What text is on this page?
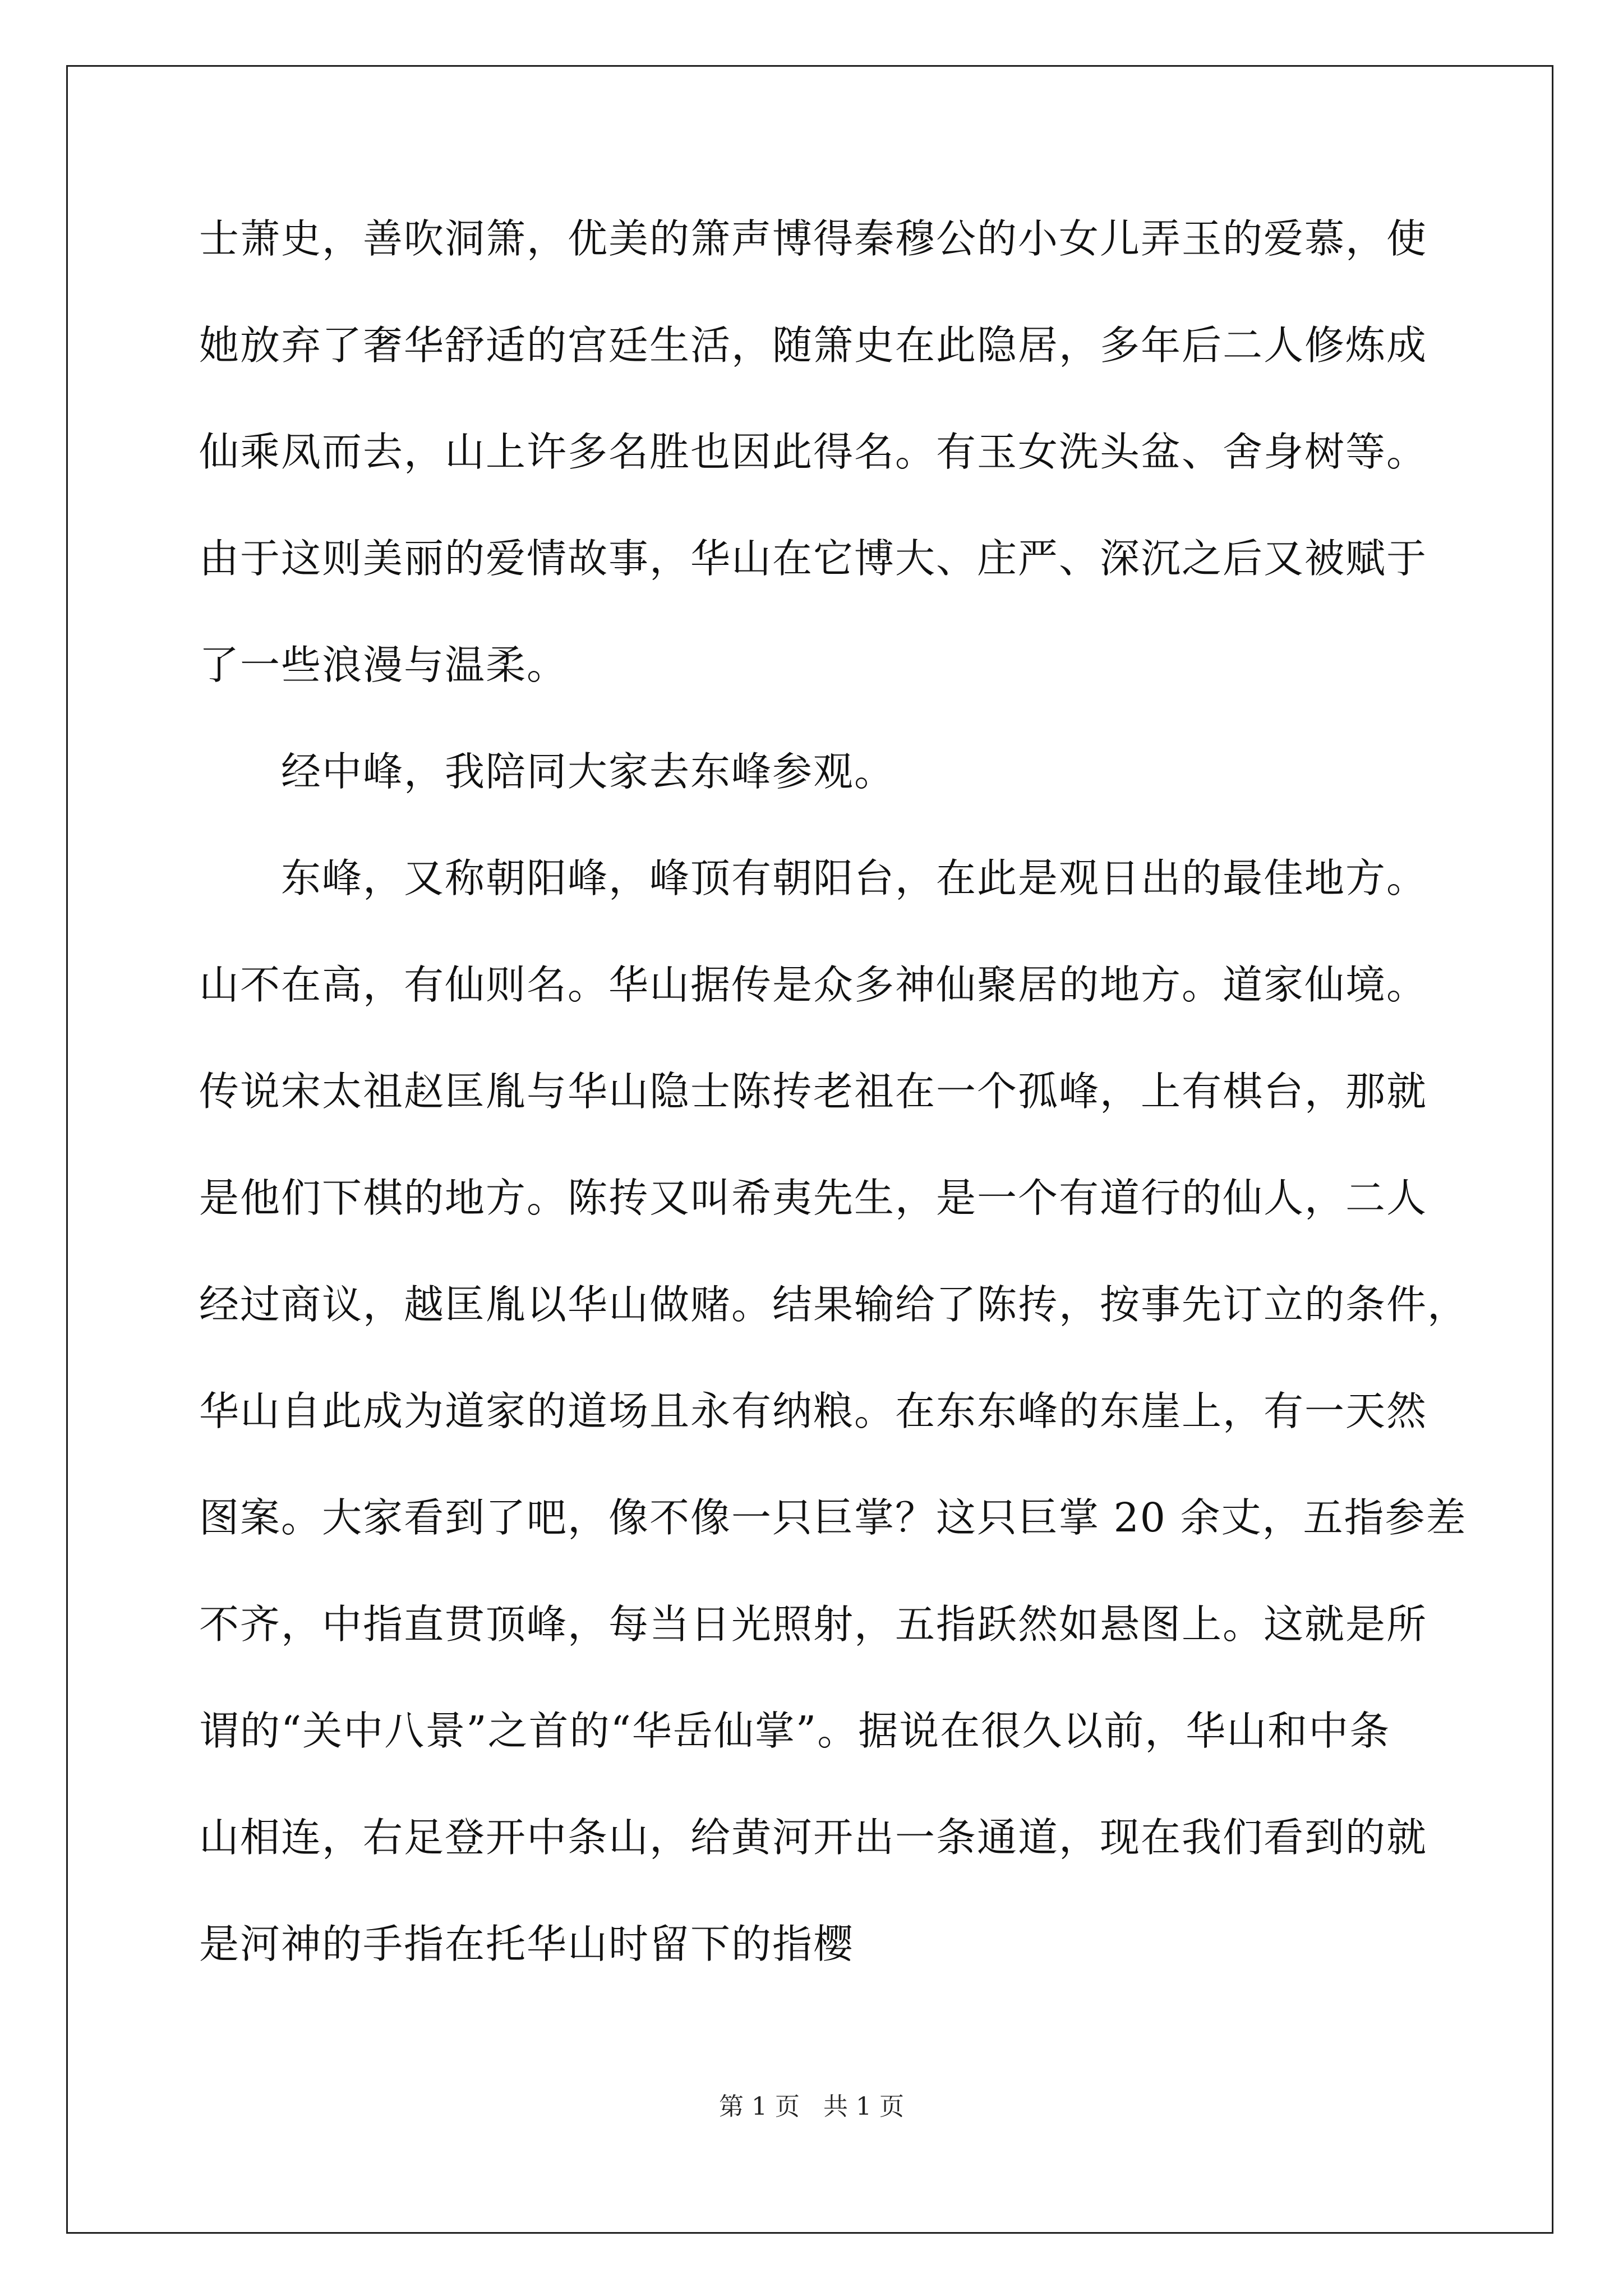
士萧史，善吹洞箫，优美的箫声博得秦穆公的小女儿弄玉的爱慕，使

她放弃了奢华舒适的宫廷生活，随箫史在此隐居，多年后二人修炼成

仙乘凤而去，山上许多名胜也因此得名。有玉女洗头盆、舍身树等。

由于这则美丽的爱情故事，华山在它博大、庄严、深沉之后又被赋于

了一些浪漫与温柔。

经中峰，我陪同大家去东峰参观。

东峰，又称朝阳峰，峰顶有朝阳台，在此是观日出的最佳地方。

山不在高，有仙则名。华山据传是众多神仙聚居的地方。道家仙境。

传说宋太祖赵匡胤与华山隐士陈抟老祖在一个孤峰，上有棋台，那就

是他们下棋的地方。陈抟又叫希夷先生，是一个有道行的仙人，二人

经过商议，越匡胤以华山做赌。结果输给了陈抟，按事先订立的条件，

华山自此成为道家的道场且永有纳粮。在东东峰的东崖上，有一天然

图案。大家看到了吧，像不像一只巨掌？这只巨掌 20 余丈，五指参差

不齐，中指直贯顶峰，每当日光照射，五指跃然如悬图上。这就是所

谓的“关中八景”之首的“华岳仙掌”。据说在很久以前，华山和中条

山相连，右足登开中条山，给黄河开出一条通道，现在我们看到的就

是河神的手指在托华山时留下的指樱

第 1 页 共 1 页
